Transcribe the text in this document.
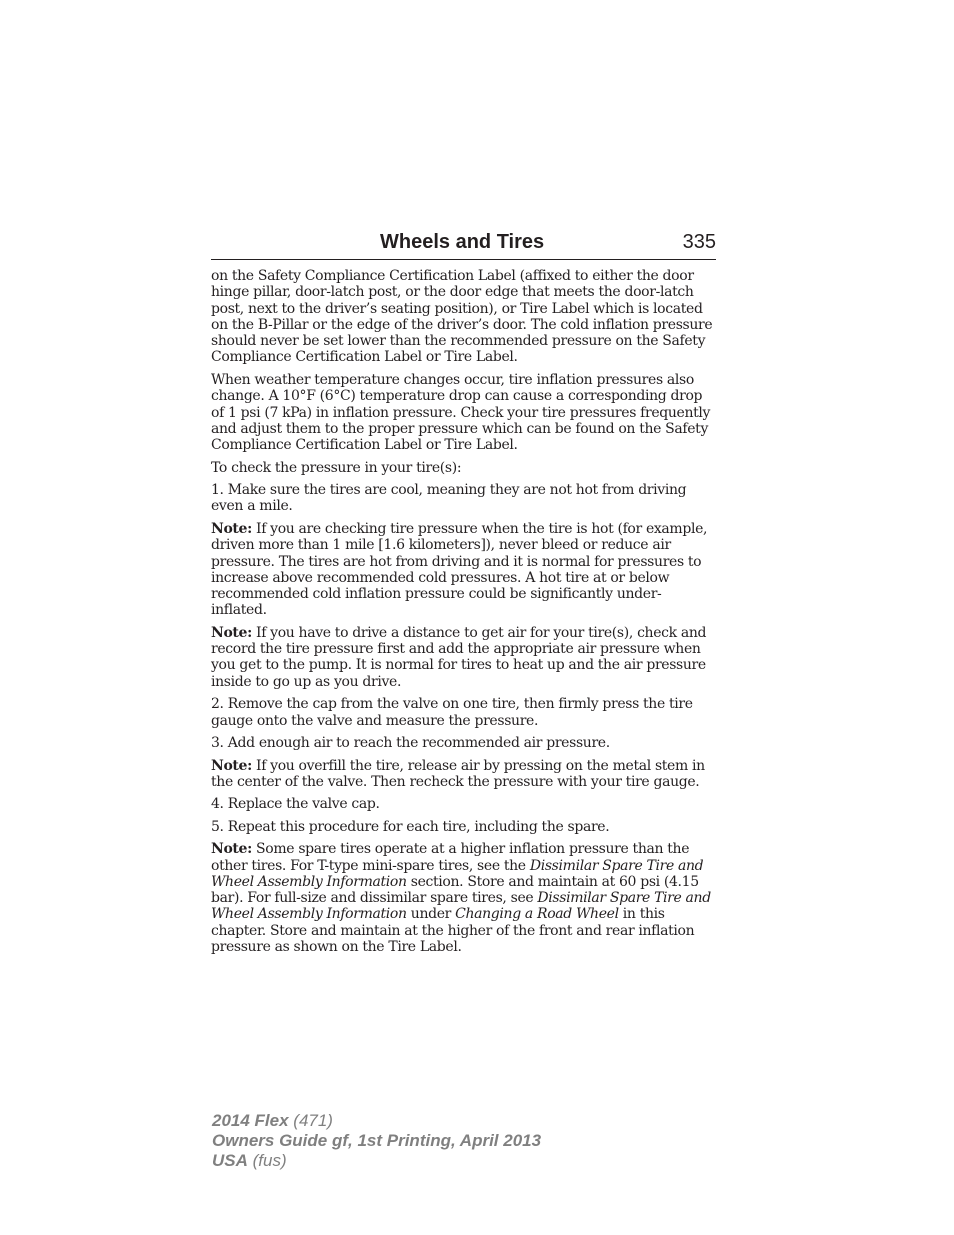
Wheels and Tires	335

on the Safety Compliance Certification Label (affixed to either the door hinge pillar, door-latch post, or the door edge that meets the door-latch post, next to the driver’s seating position), or Tire Label which is located on the B-Pillar or the edge of the driver’s door. The cold inflation pressure should never be set lower than the recommended pressure on the Safety Compliance Certification Label or Tire Label.

When weather temperature changes occur, tire inflation pressures also change. A 10°F (6°C) temperature drop can cause a corresponding drop of 1 psi (7 kPa) in inflation pressure. Check your tire pressures frequently and adjust them to the proper pressure which can be found on the Safety Compliance Certification Label or Tire Label.

To check the pressure in your tire(s):

1. Make sure the tires are cool, meaning they are not hot from driving even a mile.

Note: If you are checking tire pressure when the tire is hot (for example, driven more than 1 mile [1.6 kilometers]), never bleed or reduce air pressure. The tires are hot from driving and it is normal for pressures to increase above recommended cold pressures. A hot tire at or below recommended cold inflation pressure could be significantly under-inflated.

Note: If you have to drive a distance to get air for your tire(s), check and record the tire pressure first and add the appropriate air pressure when you get to the pump. It is normal for tires to heat up and the air pressure inside to go up as you drive.

2. Remove the cap from the valve on one tire, then firmly press the tire gauge onto the valve and measure the pressure.

3. Add enough air to reach the recommended air pressure.

Note: If you overfill the tire, release air by pressing on the metal stem in the center of the valve. Then recheck the pressure with your tire gauge.

4. Replace the valve cap.

5. Repeat this procedure for each tire, including the spare.

Note: Some spare tires operate at a higher inflation pressure than the other tires. For T-type mini-spare tires, see the Dissimilar Spare Tire and Wheel Assembly Information section. Store and maintain at 60 psi (4.15 bar). For full-size and dissimilar spare tires, see Dissimilar Spare Tire and Wheel Assembly Information under Changing a Road Wheel in this chapter. Store and maintain at the higher of the front and rear inflation pressure as shown on the Tire Label.

2014 Flex (471)
Owners Guide gf, 1st Printing, April 2013
USA (fus)
